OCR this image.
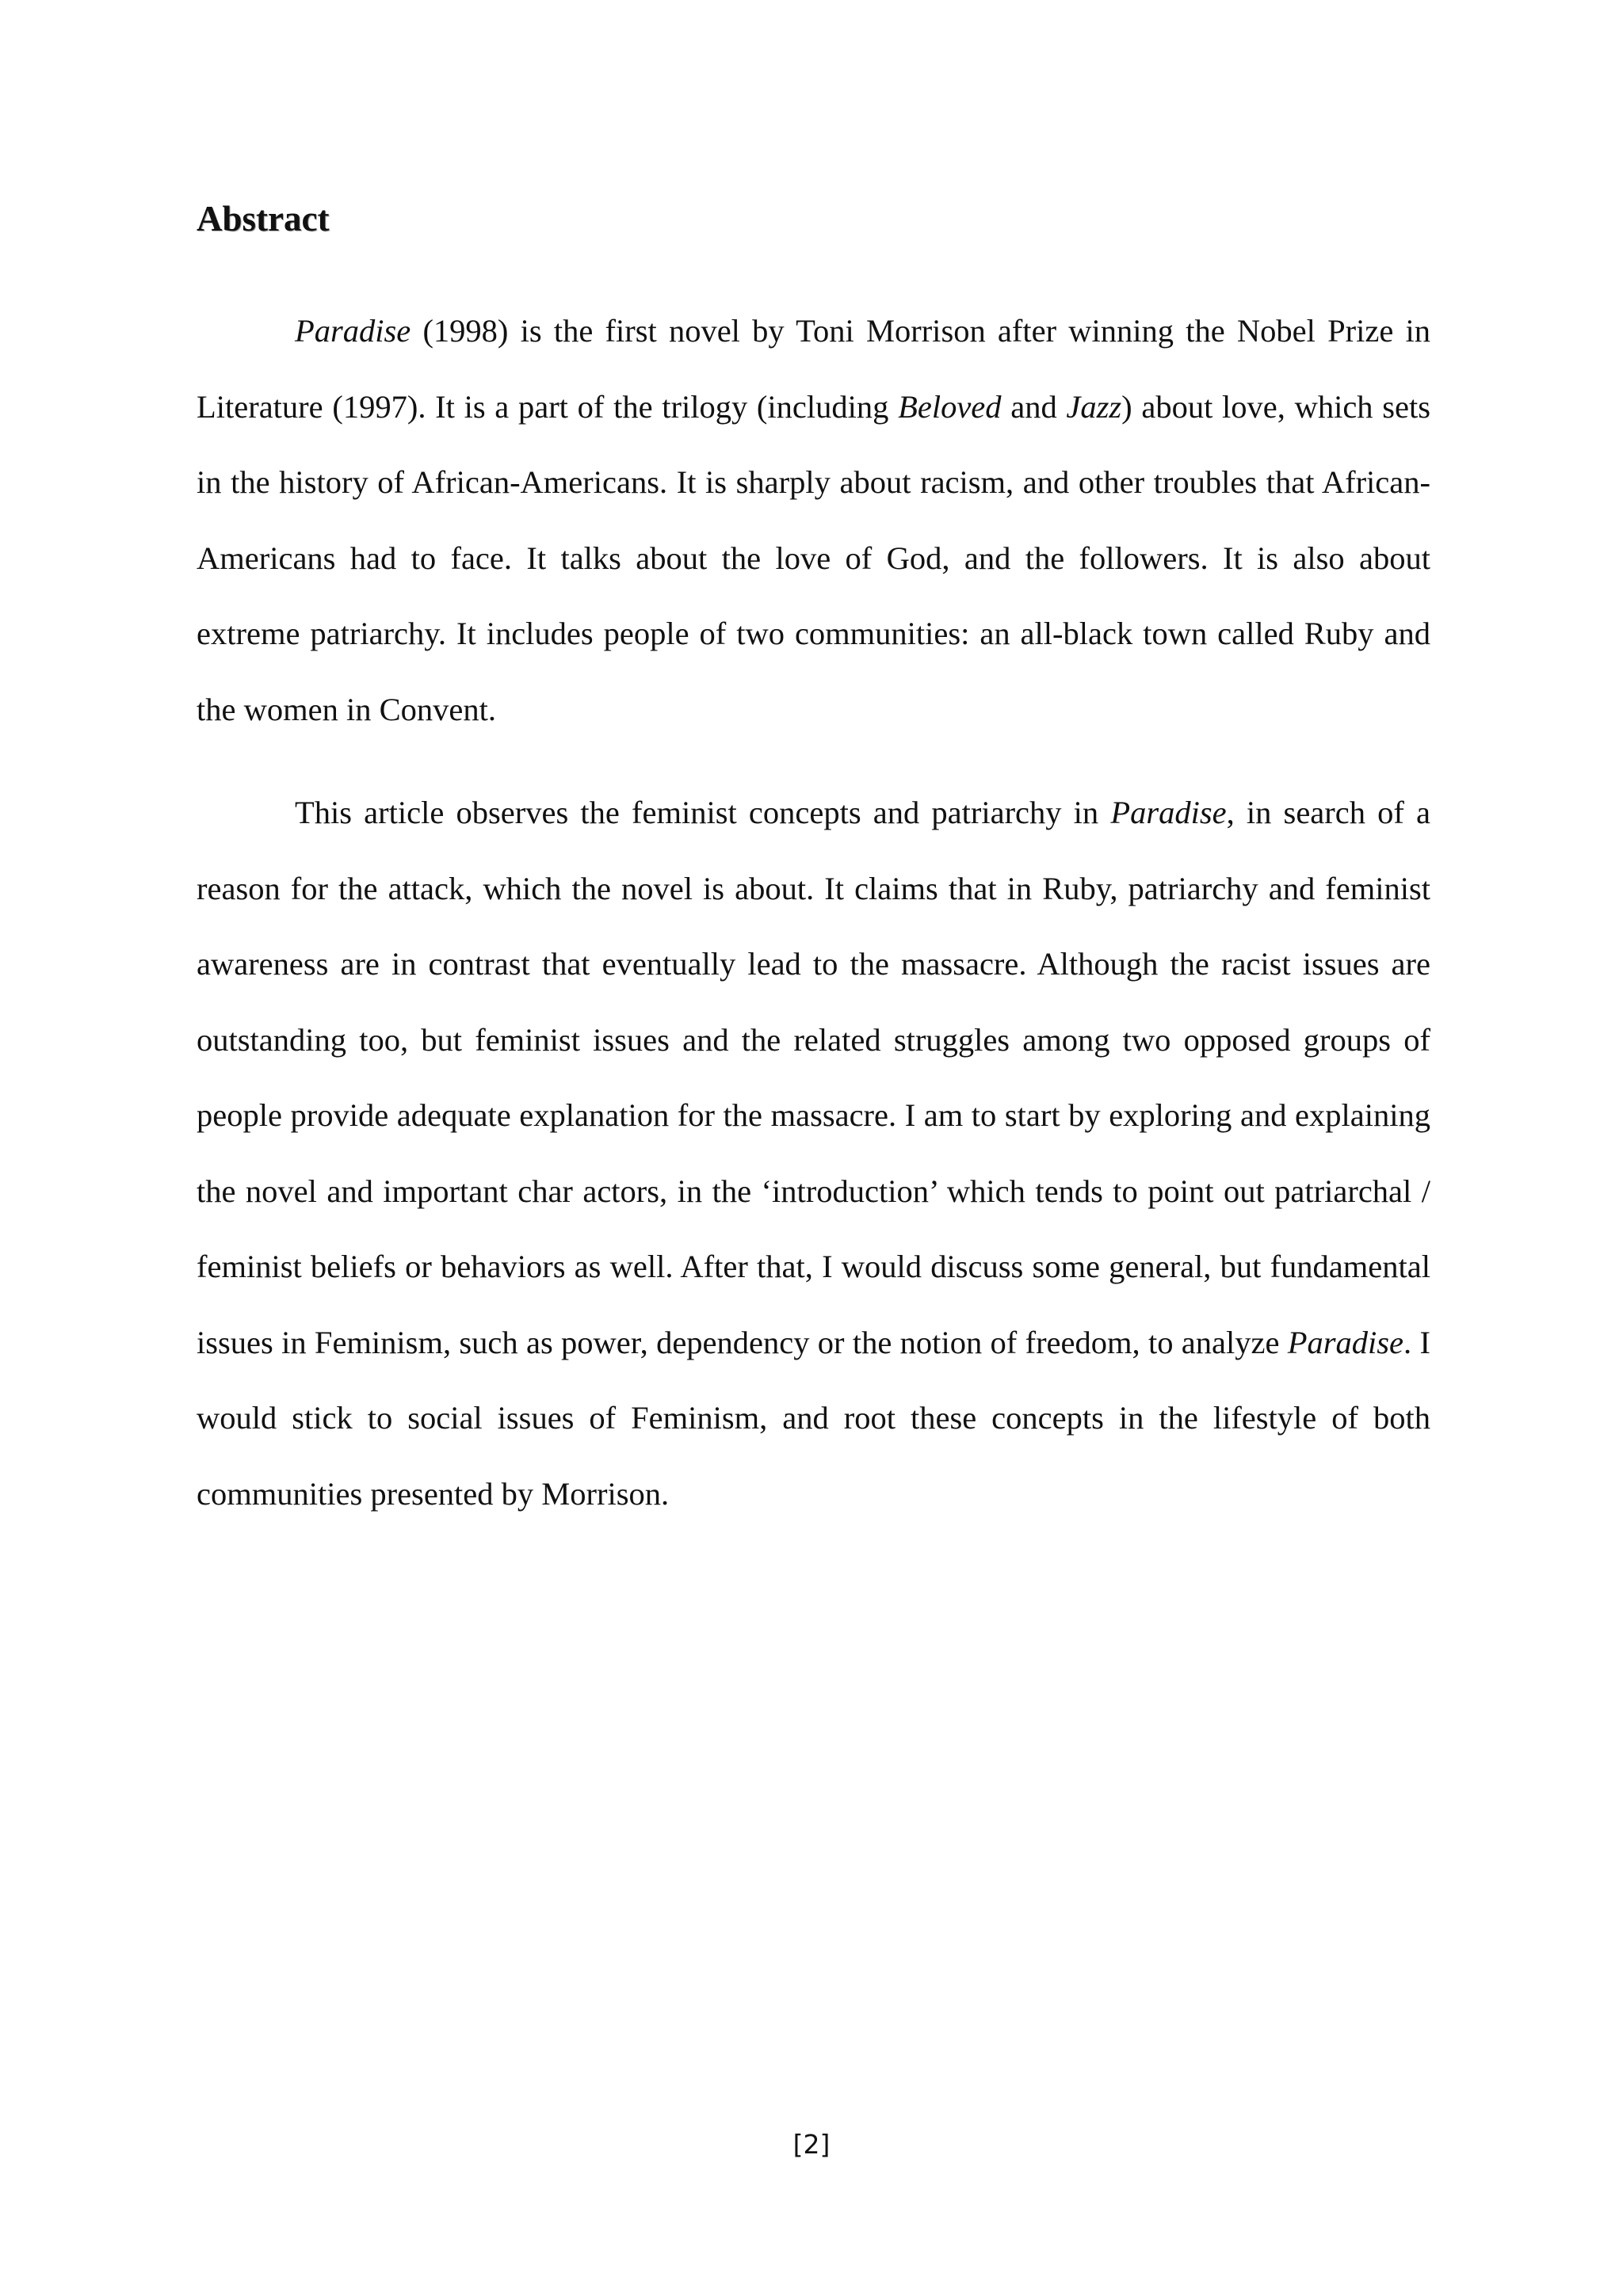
Abstract

Paradise (1998) is the first novel by Toni Morrison after winning the Nobel Prize in Literature (1997). It is a part of the trilogy (including Beloved and Jazz) about love, which sets in the history of African-Americans. It is sharply about racism, and other troubles that African-Americans had to face. It talks about the love of God, and the followers. It is also about extreme patriarchy. It includes people of two communities: an all-black town called Ruby and the women in Convent.

This article observes the feminist concepts and patriarchy in Paradise, in search of a reason for the attack, which the novel is about. It claims that in Ruby, patriarchy and feminist awareness are in contrast that eventually lead to the massacre. Although the racist issues are outstanding too, but feminist issues and the related struggles among two opposed groups of people provide adequate explanation for the massacre. I am to start by exploring and explaining the novel and important char actors, in the ‘introduction’ which tends to point out patriarchal / feminist beliefs or behaviors as well. After that, I would discuss some general, but fundamental issues in Feminism, such as power, dependency or the notion of freedom, to analyze Paradise. I would stick to social issues of Feminism, and root these concepts in the lifestyle of both communities presented by Morrison.

[2]
